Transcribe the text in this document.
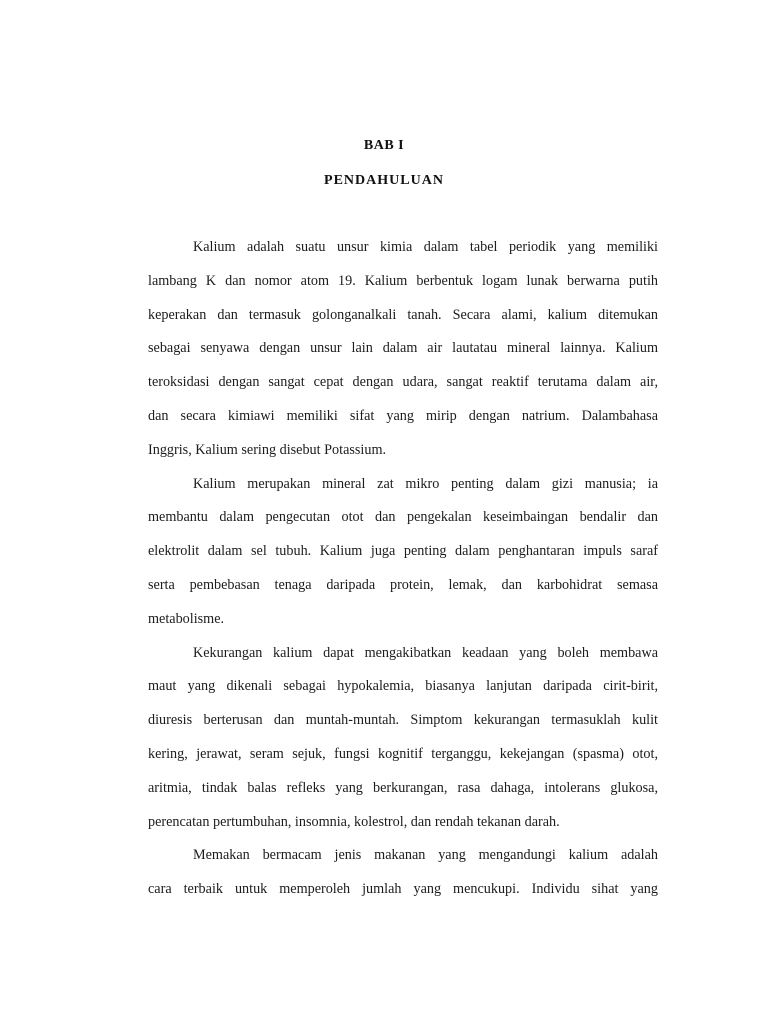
BAB I
PENDAHULUAN
Kalium adalah suatu unsur kimia dalam tabel periodik yang memiliki
lambang K dan nomor atom 19. Kalium berbentuk logam lunak berwarna putih
keperakan dan termasuk golonganalkali tanah. Secara alami, kalium ditemukan
sebagai senyawa dengan unsur lain dalam air lautatau mineral lainnya. Kalium
teroksidasi dengan sangat cepat dengan udara, sangat reaktif terutama dalam air,
dan secara kimiawi memiliki sifat yang mirip dengan natrium. Dalambahasa
Inggris, Kalium sering disebut Potassium.
Kalium merupakan mineral zat mikro penting dalam gizi manusia; ia
membantu dalam pengecutan otot dan pengekalan keseimbaingan bendalir dan
elektrolit dalam sel tubuh. Kalium juga penting dalam penghantaran impuls saraf
serta pembebasan tenaga daripada protein, lemak, dan karbohidrat semasa
metabolisme.
Kekurangan kalium dapat mengakibatkan keadaan yang boleh membawa
maut yang dikenali sebagai hypokalemia, biasanya lanjutan daripada cirit-birit,
diuresis berterusan dan muntah-muntah. Simptom kekurangan termasuklah kulit
kering, jerawat, seram sejuk, fungsi kognitif terganggu, kekejangan (spasma) otot,
aritmia, tindak balas refleks yang berkurangan, rasa dahaga, intolerans glukosa,
perencatan pertumbuhan, insomnia, kolestrol, dan rendah tekanan darah.
Memakan bermacam jenis makanan yang mengandungi kalium adalah
cara terbaik untuk memperoleh jumlah yang mencukupi. Individu sihat yang
